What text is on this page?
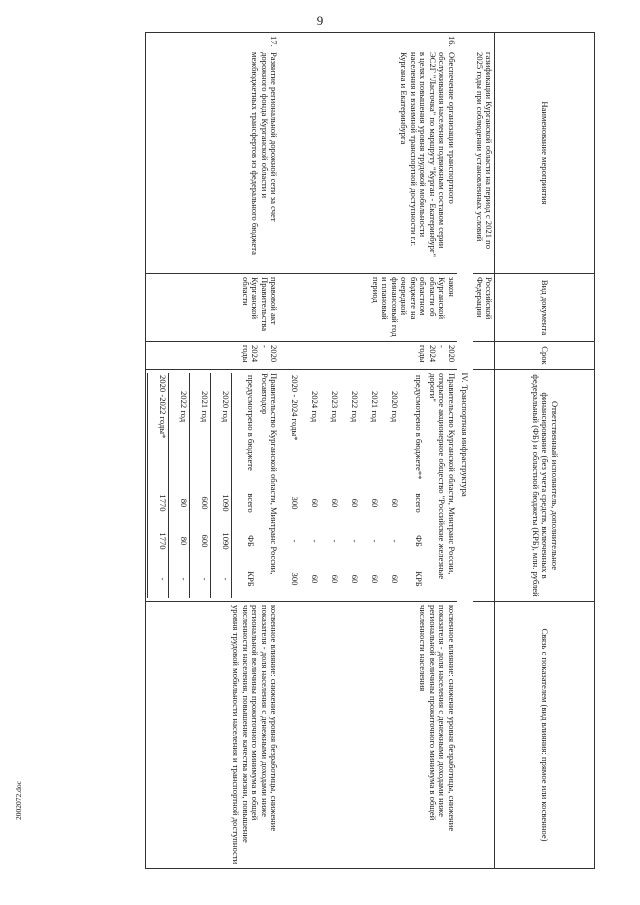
9
2002072.doc
Наименование мероприятия	Вид документа	Срок	Ответственный исполнитель, дополнительное финансирование (без учета средств, включенных в федеральный (ФБ) и областной бюджеты (КРБ), млн. рублей	Связь с показателем (вид влияния: прямое или косвенное)
газификации Курганской области на период с 2021 по 2025 годы при соблюдении установленных условий	Российской Федерации			
			IV. Транспортная инфраструктура
16.Обеспечение организации транспортного обслуживания населения подвижным составом серии ЭС2Г "Ласточка" по маршруту "Курган - Екатеринбург" в целях повышения уровня трудовой мобильности населения и взаимной транспортной доступности г.г. Кургана и Екатеринбурга	закон Курганской области об областном бюджете на очередной финансовый год и плановый период	2020 - 2024 годы	
Правительство Курганской области, Минтранс России, открытое акционерное общество "Российские железные дороги"
предусмотрено в бюджете**	всего	ФБ	КРБ
2020 год	60	-	60
2021 год	60	-	60
2022 год	60	-	60
2023 год	60	-	60
2024 год	60	-	60
2020 - 2024 годы*	300	-	300
	косвенное влияние: снижение уровня безработицы, снижение показателя - доля населения с денежными доходами ниже региональной величины прожиточного минимума в общей численности населения
17.Развитие региональной дорожной сети за счет дорожного фонда Курганской области и межбюджетных трансфертов из федерального бюджета	правовой акт Правительства Курганской области	2020 - 2024 годы	
Правительство Курганской области, Минтранс России, Росавтодор
предусмотрено в бюджете	всего	ФБ	КРБ
2020 год	1090	1090	-
2021 год	600	600	-
2022 год	80	80	-
2020 -2022 годы*	1770	1770	-
	косвенное влияние: снижение уровня безработицы, снижение показателя - доля населения с денежными доходами ниже региональной величины прожиточного минимума в общей численности населения, повышение качества жизни, повышение уровня трудовой мобильности населения и транспортной доступности
